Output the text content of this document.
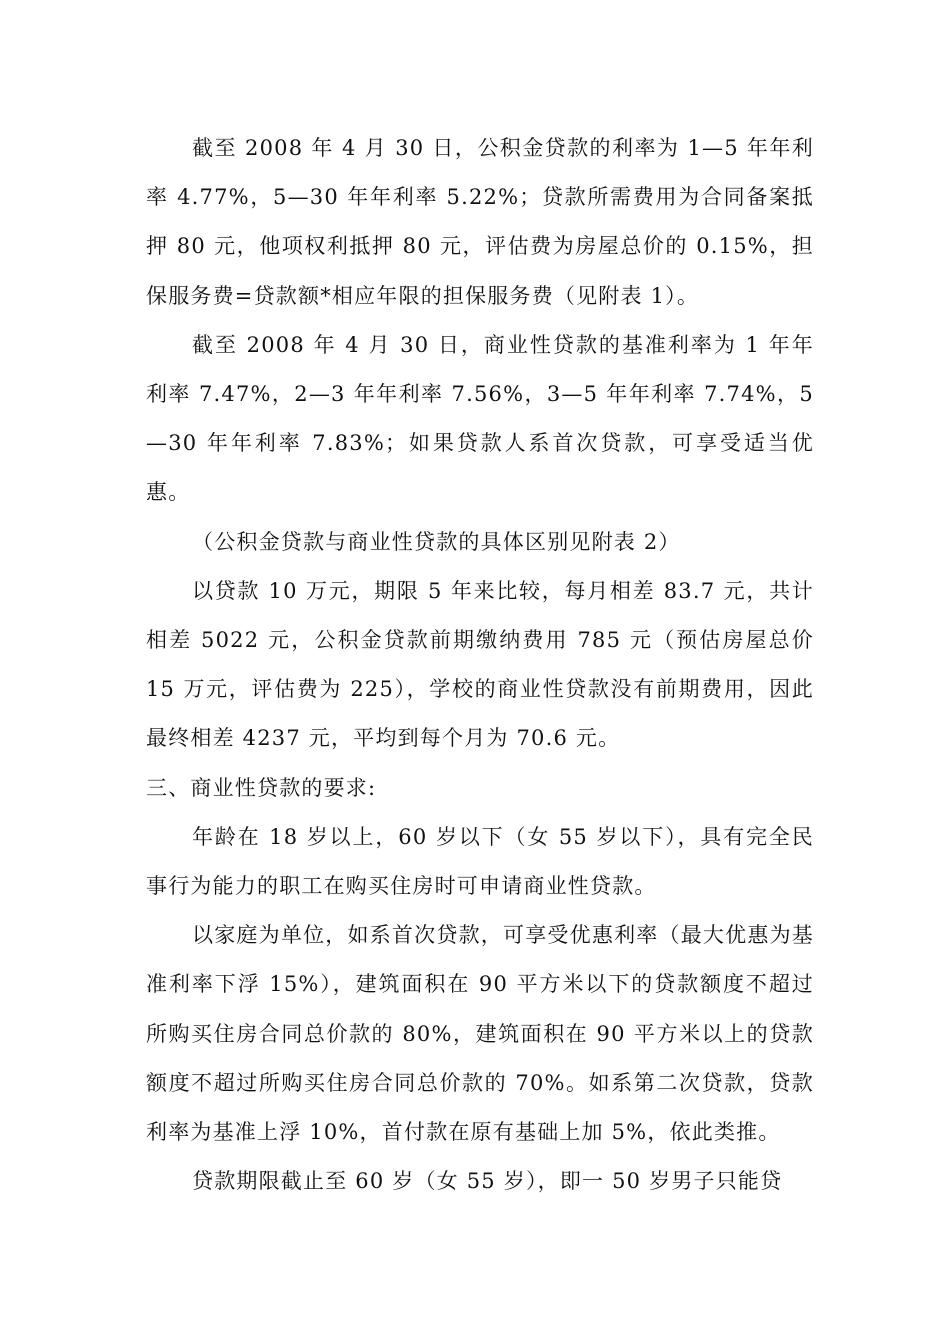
截至 2008 年 4 月 30 日，公积金贷款的利率为 1—5 年年利率 4.77%，5—30 年年利率 5.22%；贷款所需费用为合同备案抵押 80 元，他项权利抵押 80 元，评估费为房屋总价的 0.15%，担保服务费=贷款额*相应年限的担保服务费（见附表 1）。

截至 2008 年 4 月 30 日，商业性贷款的基准利率为 1 年年利率 7.47%，2—3 年年利率 7.56%，3—5 年年利率 7.74%，5—30 年年利率 7.83%；如果贷款人系首次贷款，可享受适当优惠。

（公积金贷款与商业性贷款的具体区别见附表 2）

以贷款 10 万元，期限 5 年来比较，每月相差 83.7 元，共计相差 5022 元，公积金贷款前期缴纳费用 785 元（预估房屋总价 15 万元，评估费为 225），学校的商业性贷款没有前期费用，因此最终相差 4237 元，平均到每个月为 70.6 元。

三、商业性贷款的要求:

年龄在 18 岁以上，60 岁以下（女 55 岁以下），具有完全民事行为能力的职工在购买住房时可申请商业性贷款。

以家庭为单位，如系首次贷款，可享受优惠利率（最大优惠为基准利率下浮 15%），建筑面积在 90 平方米以下的贷款额度不超过所购买住房合同总价款的 80%，建筑面积在 90 平方米以上的贷款额度不超过所购买住房合同总价款的 70%。如系第二次贷款，贷款利率为基准上浮 10%，首付款在原有基础上加 5%，依此类推。

贷款期限截止至 60 岁（女 55 岁），即一 50 岁男子只能贷
